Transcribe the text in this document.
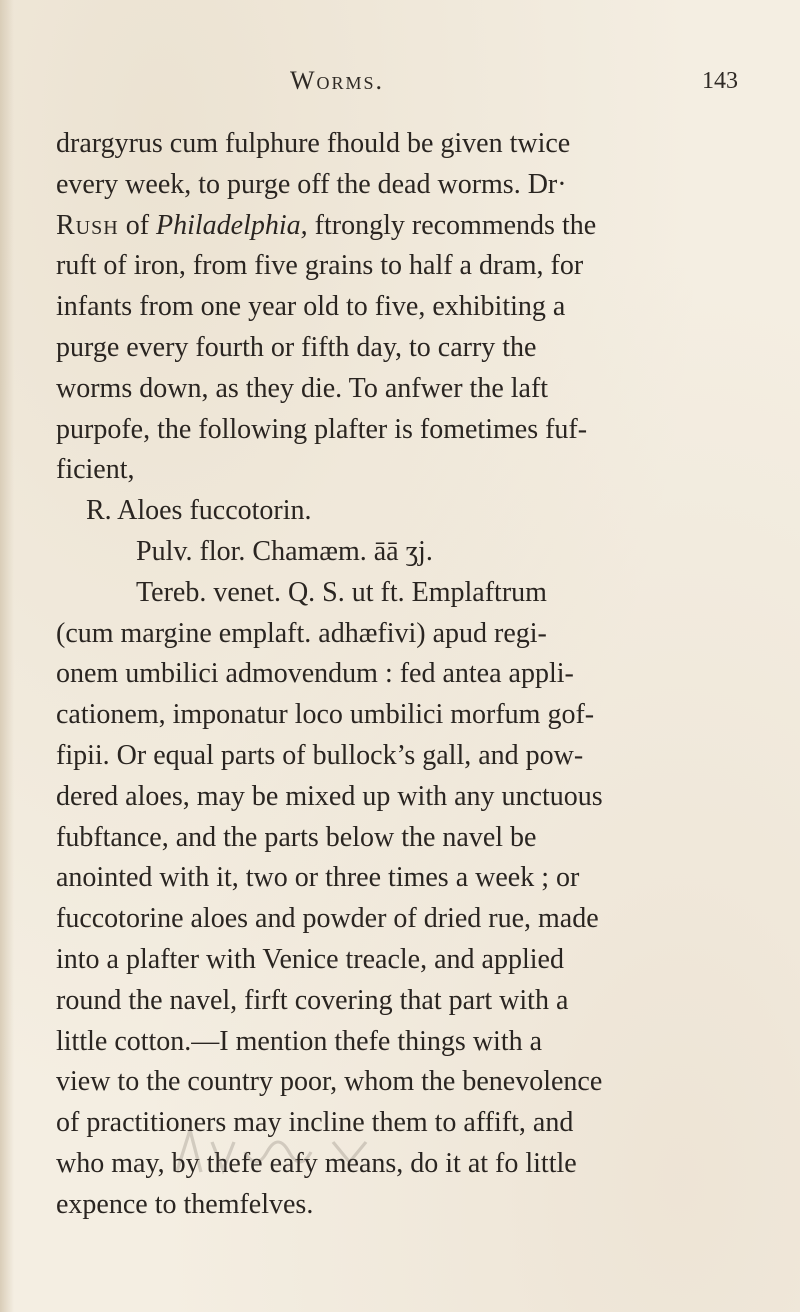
Worms.	143
drargyrus cum fulphure fhould be given twice
every week, to purge off the dead worms. Dr·
Rush of Philadelphia, ftrongly recommends the
ruft of iron, from five grains to half a dram, for
infants from one year old to five, exhibiting a
purge every fourth or fifth day, to carry the
worms down, as they die. To anfwer the laft
purpofe, the following plafter is fometimes fuf-
ficient,
R. Aloes fuccotorin.
Pulv. flor. Chamæm. āā ʒj.
Tereb. venet. Q. S. ut ft. Emplaftrum
(cum margine emplaft. adhæfivi) apud regi-
onem umbilici admovendum : fed antea appli-
cationem, imponatur loco umbilici morfum gof-
fipii. Or equal parts of bullock’s gall, and pow-
dered aloes, may be mixed up with any unctuous
fubftance, and the parts below the navel be
anointed with it, two or three times a week ; or
fuccotorine aloes and powder of dried rue, made
into a plafter with Venice treacle, and applied
round the navel, firft covering that part with a
little cotton.—I mention thefe things with a
view to the country poor, whom the benevolence
of practitioners may incline them to affift, and
who may, by thefe eafy means, do it at fo little
expence to themfelves.
